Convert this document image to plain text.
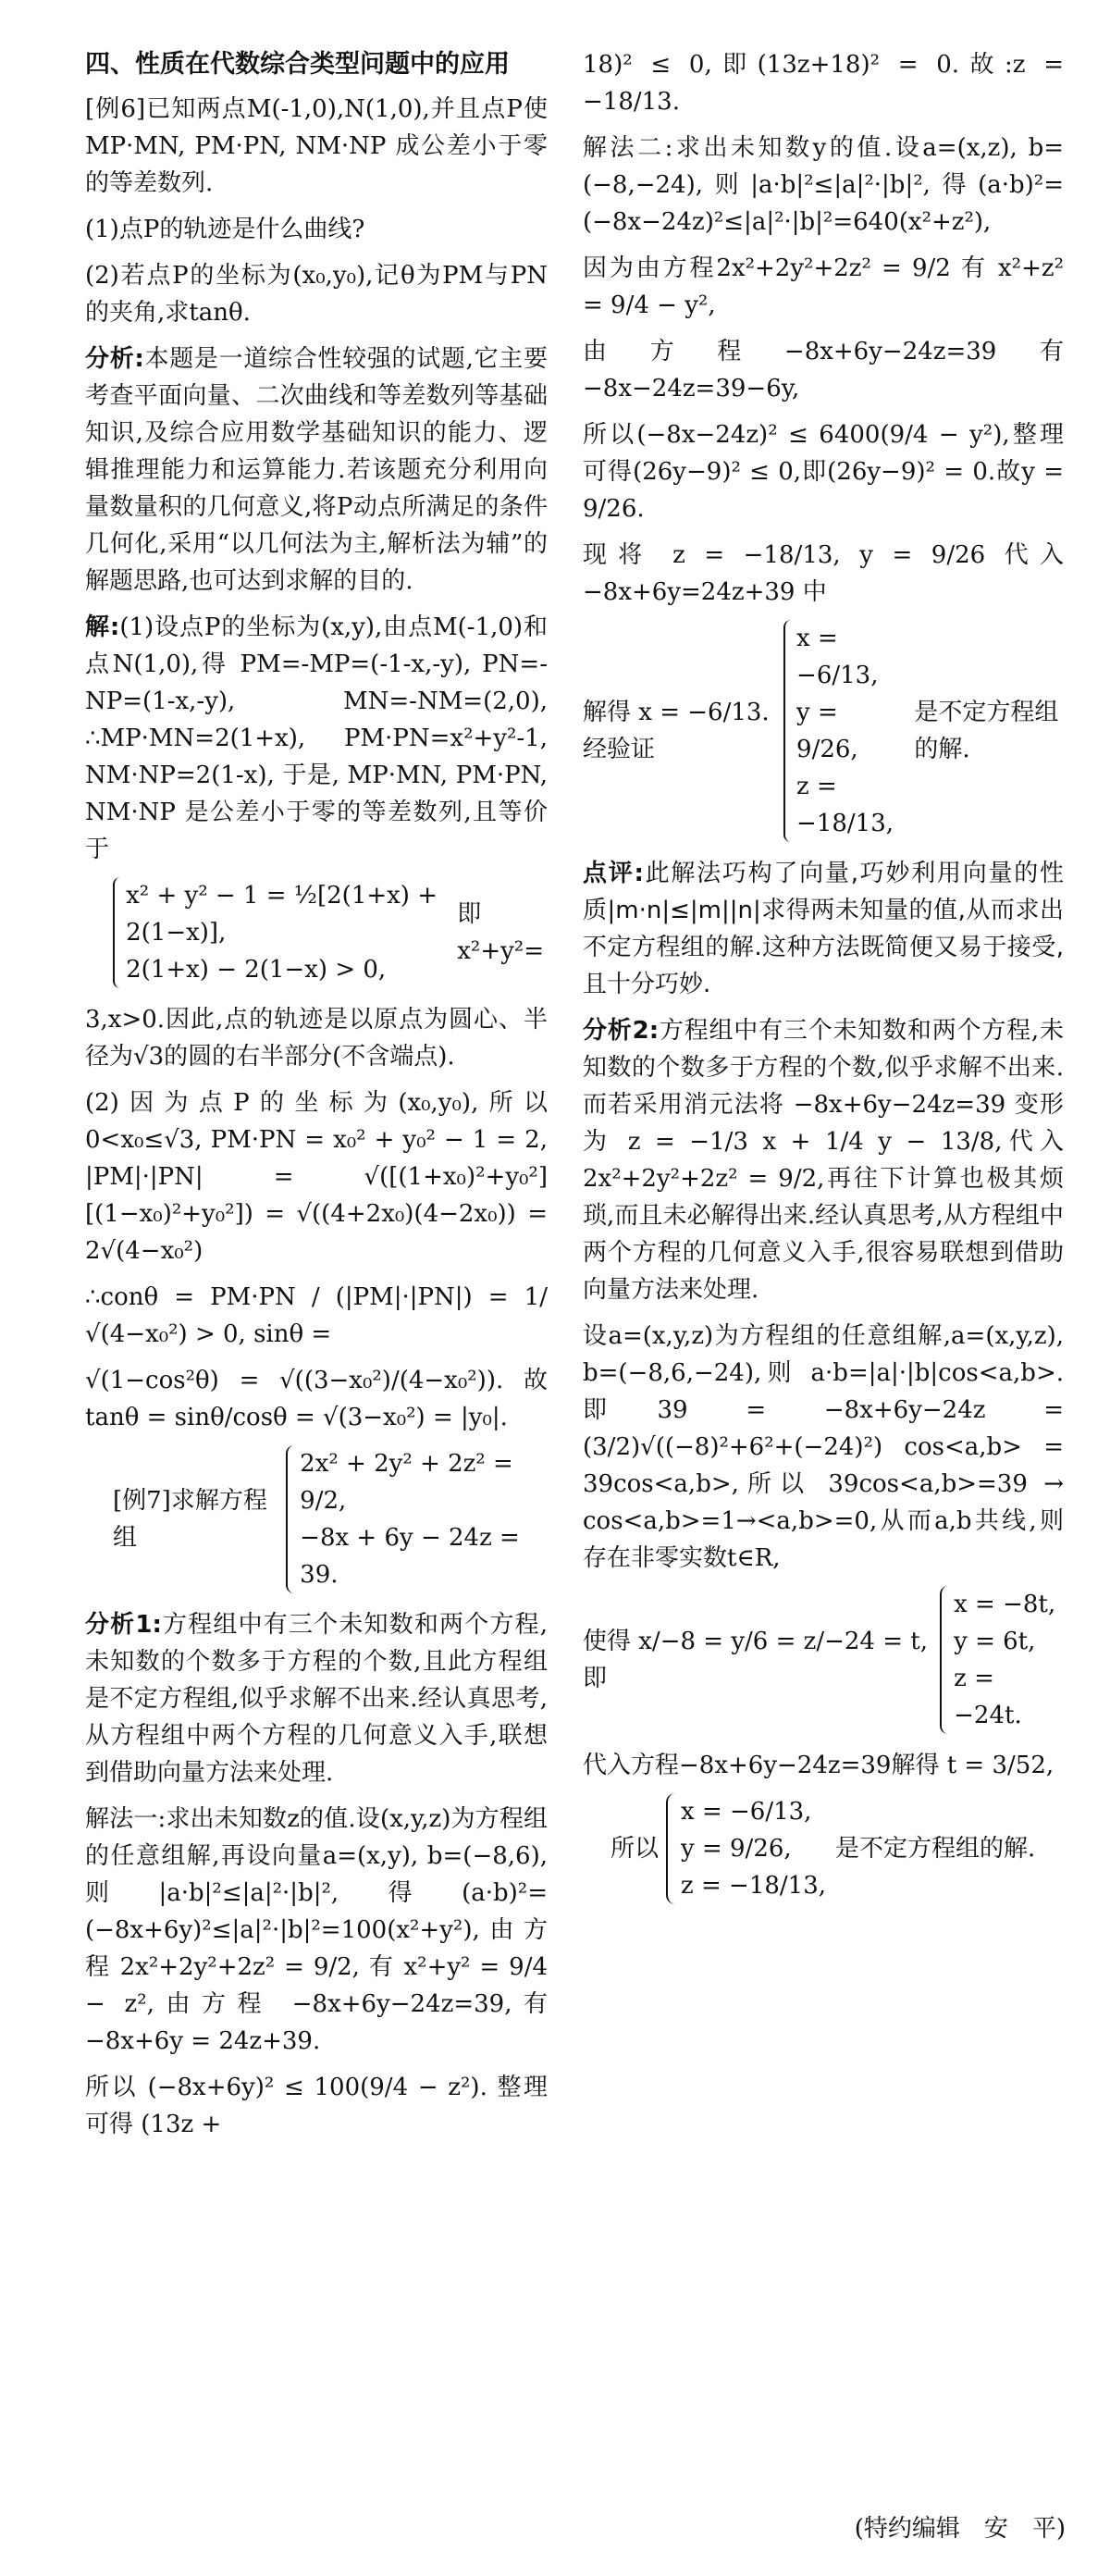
四、性质在代数综合类型问题中的应用

[例6]已知两点M(-1,0),N(1,0),并且点P使 MP·MN, PM·PN, NM·NP 成公差小于零的等差数列.

(1)点P的轨迹是什么曲线?

(2)若点P的坐标为(x₀,y₀),记θ为PM与PN的夹角,求tanθ.

分析:本题是一道综合性较强的试题,它主要考查平面向量、二次曲线和等差数列等基础知识,及综合应用数学基础知识的能力、逻辑推理能力和运算能力.若该题充分利用向量数量积的几何意义,将P动点所满足的条件几何化,采用“以几何法为主,解析法为辅”的解题思路,也可达到求解的目的.

解:(1)设点P的坐标为(x,y),由点M(-1,0)和点N(1,0),得 PM=-MP=(-1-x,-y), PN=-NP=(1-x,-y), MN=-NM=(2,0), ∴MP·MN=2(1+x), PM·PN=x²+y²-1, NM·NP=2(1-x), 于是, MP·MN, PM·PN, NM·NP 是公差小于零的等差数列,且等价于

x² + y² − 1 = ½[2(1+x) + 2(1−x)],
2(1+x) − 2(1−x) > 0,
即 x²+y²=

3,x>0.因此,点的轨迹是以原点为圆心、半径为√3的圆的右半部分(不含端点).

(2)因为点P的坐标为(x₀,y₀),所以0<x₀≤√3, PM·PN = x₀² + y₀² − 1 = 2, |PM|·|PN| = √([(1+x₀)²+y₀²][(1−x₀)²+y₀²]) = √((4+2x₀)(4−2x₀)) = 2√(4−x₀²)

∴conθ = PM·PN / (|PM|·|PN|) = 1/√(4−x₀²) > 0, sinθ =

√(1−cos²θ) = √((3−x₀²)/(4−x₀²)). 故 tanθ = sinθ/cosθ = √(3−x₀²) = |y₀|.

[例7]求解方程组
2x² + 2y² + 2z² = 9/2,
−8x + 6y − 24z = 39.

分析1:方程组中有三个未知数和两个方程,未知数的个数多于方程的个数,且此方程组是不定方程组,似乎求解不出来.经认真思考,从方程组中两个方程的几何意义入手,联想到借助向量方法来处理.

解法一:求出未知数z的值.设(x,y,z)为方程组的任意组解,再设向量a=(x,y), b=(−8,6),则|a·b|²≤|a|²·|b|²,得(a·b)²=(−8x+6y)²≤|a|²·|b|²=100(x²+y²),由方程 2x²+2y²+2z² = 9/2, 有 x²+y² = 9/4 − z²,由方程 −8x+6y−24z=39,有 −8x+6y = 24z+39.

所以 (−8x+6y)² ≤ 100(9/4 − z²). 整理可得 (13z +

18)² ≤ 0,即(13z+18)² = 0.故:z = −18/13.

解法二:求出未知数y的值.设a=(x,z), b=(−8,−24),则|a·b|²≤|a|²·|b|²,得(a·b)²=(−8x−24z)²≤|a|²·|b|²=640(x²+z²),

因为由方程2x²+2y²+2z² = 9/2 有 x²+z² = 9/4 − y²,

由方程−8x+6y−24z=39有−8x−24z=39−6y,

所以(−8x−24z)² ≤ 6400(9/4 − y²),整理可得(26y−9)² ≤ 0,即(26y−9)² = 0.故y = 9/26.

现将 z = −18/13, y = 9/26 代入 −8x+6y=24z+39 中

解得 x = −6/13.经验证
x = −6/13,
y = 9/26,
z = −18/13,
是不定方程组的解.

点评:此解法巧构了向量,巧妙利用向量的性质|m·n|≤|m||n|求得两未知量的值,从而求出不定方程组的解.这种方法既简便又易于接受,且十分巧妙.

分析2:方程组中有三个未知数和两个方程,未知数的个数多于方程的个数,似乎求解不出来.而若采用消元法将 −8x+6y−24z=39 变形为 z = −1/3 x + 1/4 y − 13/8,代入 2x²+2y²+2z² = 9/2,再往下计算也极其烦琐,而且未必解得出来.经认真思考,从方程组中两个方程的几何意义入手,很容易联想到借助向量方法来处理.

设a=(x,y,z)为方程组的任意组解,a=(x,y,z), b=(−8,6,−24),则 a·b=|a|·|b|cos<a,b>.即39 = −8x+6y−24z = (3/2)√((−8)²+6²+(−24)²) cos<a,b> = 39cos<a,b>,所以 39cos<a,b>=39 → cos<a,b>=1→<a,b>=0,从而a,b共线,则存在非零实数t∈R,

使得 x/−8 = y/6 = z/−24 = t,即
x = −8t,
y = 6t,
z = −24t.

代入方程−8x+6y−24z=39解得 t = 3/52,

所以
x = −6/13,
y = 9/26,
z = −18/13,
是不定方程组的解.
(特约编辑　安　平)
